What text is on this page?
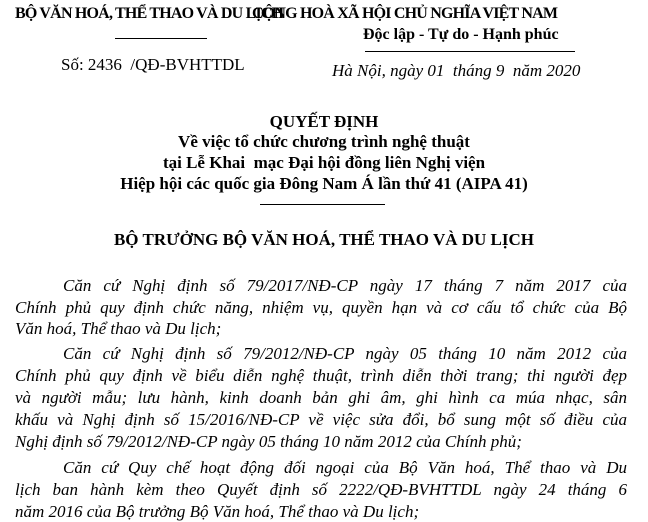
BỘ VĂN HOÁ, THỂ THAO VÀ DU LỊCH
CỘNG HOÀ XÃ HỘI CHỦ NGHĨA VIỆT NAM
Độc lập - Tự do - Hạnh phúc
Số: 2436  /QĐ-BVHTTDL	Hà Nội, ngày 01  tháng 9  năm 2020
QUYẾT ĐỊNH
Về việc tổ chức chương trình nghệ thuật
tại Lễ Khai  mạc Đại hội đồng liên Nghị viện
Hiệp hội các quốc gia Đông Nam Á lần thứ 41 (AIPA 41)
BỘ TRƯỞNG BỘ VĂN HOÁ, THỂ THAO VÀ DU LỊCH
Căn cứ Nghị định số 79/2017/NĐ-CP ngày 17 tháng 7 năm 2017 của
Chính phủ quy định chức năng, nhiệm vụ, quyền hạn và cơ cấu tổ chức của Bộ
Văn hoá, Thể thao và Du lịch;
Căn cứ Nghị định số 79/2012/NĐ-CP ngày 05 tháng 10 năm 2012 của
Chính phủ quy định về biểu diễn nghệ thuật, trình diễn thời trang; thi người đẹp
và người mẫu; lưu hành, kinh doanh bản ghi âm, ghi hình ca múa nhạc, sân
khấu và Nghị định số 15/2016/NĐ-CP về việc sửa đổi, bổ sung một số điều của
Nghị định số 79/2012/NĐ-CP ngày 05 tháng 10 năm 2012 của Chính phủ;
Căn cứ Quy chế hoạt động đối ngoại của Bộ Văn hoá, Thể thao và Du
lịch ban hành kèm theo Quyết định số 2222/QĐ-BVHTTDL ngày 24 tháng 6
năm 2016 của Bộ trưởng Bộ Văn hoá, Thể thao và Du lịch;
